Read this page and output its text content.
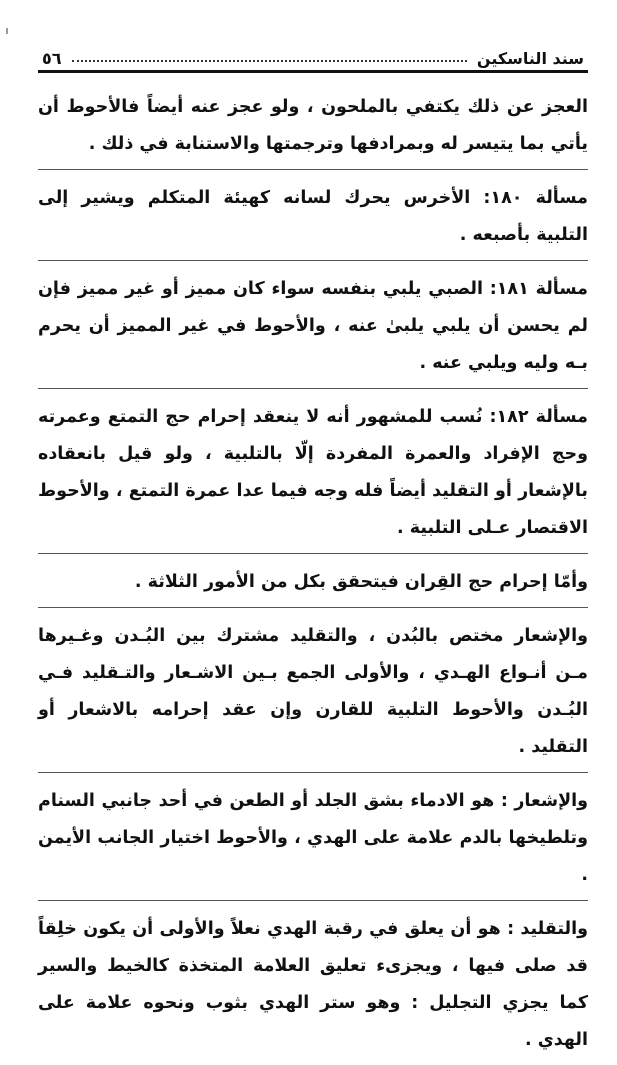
سند الناسكين
٥٦

العجز عن ذلك يكتفي بالملحون ، ولو عجز عنه أيضاً فالأحوط أن يأتي بما يتيسر له وبمرادفها وترجمتها والاستنابة في ذلك .

مسألة ١٨٠: الأخرس يحرك لسانه كهيئة المتكلم ويشير إلى التلبية بأصبعه .

مسألة ١٨١: الصبي يلبي بنفسه سواء كان مميز أو غير مميز فإن لم يحسن أن يلبي يلبىٰ عنه ، والأحوط في غير المميز أن يحرم بـه وليه ويلبي عنه .

مسألة ١٨٢: نُسب للمشهور أنه لا ينعقد إحرام حج التمتع وعمرته وحج الإفراد والعمرة المفردة إلّا بالتلبية ، ولو قيل بانعقاده بالإشعار أو التقليد أيضاً فله وجه فيما عدا عمرة التمتع ، والأحوط الاقتصار عـلى التلبية .

وأمّا إحرام حج القِران فيتحقق بكل من الأمور الثلاثة .

والإشعار مختص بالبُدن ، والتقليد مشترك بين البُـدن وغـيرها مـن أنـواع الهـدي ، والأولى الجمع بـين الاشـعار والتـقليد فـي البُـدن والأحوط التلبية للقارن وإن عقد إحرامه بالاشعار أو التقليد .

والإشعار : هو الادماء بشق الجلد أو الطعن في أحد جانبي السنام وتلطيخها بالدم علامة على الهدي ، والأحوط اختيار الجانب الأيمن .

والتقليد : هو أن يعلق في رقبة الهدي نعلاً والأولى أن يكون خلِقاً قد صلى فيها ، ويجزىء تعليق العلامة المتخذة كالخيط والسير كما يجزي التجليل : وهو ستر الهدي بثوب ونحوه علامة على الهدي .
